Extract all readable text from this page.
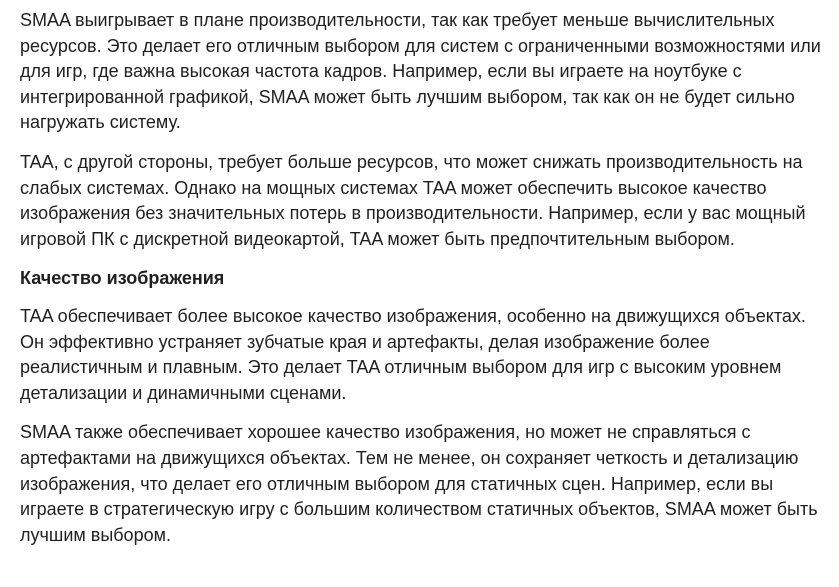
SMAA выигрывает в плане производительности, так как требует меньше вычислительных ресурсов. Это делает его отличным выбором для систем с ограниченными возможностями или для игр, где важна высокая частота кадров. Например, если вы играете на ноутбуке с интегрированной графикой, SMAA может быть лучшим выбором, так как он не будет сильно нагружать систему.

TAA, с другой стороны, требует больше ресурсов, что может снижать производительность на слабых системах. Однако на мощных системах TAA может обеспечить высокое качество изображения без значительных потерь в производительности. Например, если у вас мощный игровой ПК с дискретной видеокартой, TAA может быть предпочтительным выбором.

Качество изображения

TAA обеспечивает более высокое качество изображения, особенно на движущихся объектах. Он эффективно устраняет зубчатые края и артефакты, делая изображение более реалистичным и плавным. Это делает TAA отличным выбором для игр с высоким уровнем детализации и динамичными сценами.

SMAA также обеспечивает хорошее качество изображения, но может не справляться с артефактами на движущихся объектах. Тем не менее, он сохраняет четкость и детализацию изображения, что делает его отличным выбором для статичных сцен. Например, если вы играете в стратегическую игру с большим количеством статичных объектов, SMAA может быть лучшим выбором.
